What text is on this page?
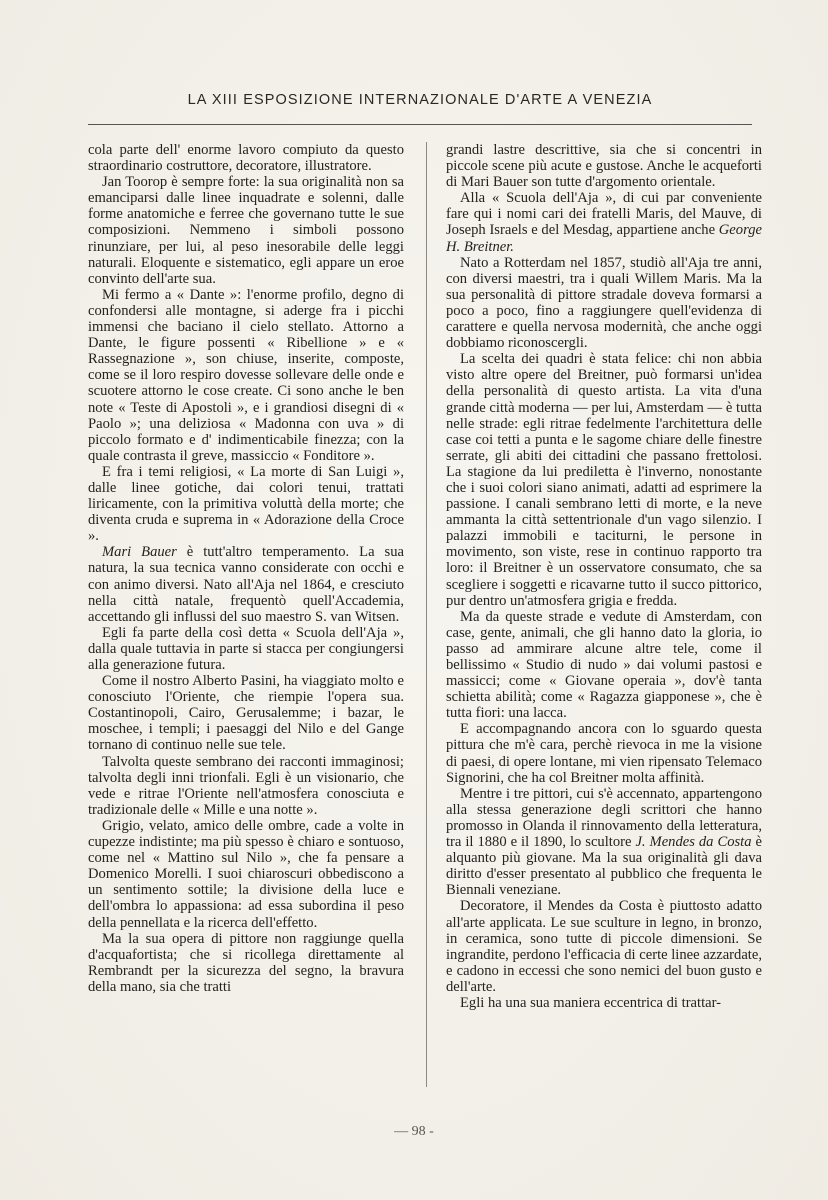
LA XIII ESPOSIZIONE INTERNAZIONALE D'ARTE A VENEZIA

cola parte dell' enorme lavoro compiuto da questo straordinario costruttore, decoratore, illustratore.

Jan Toorop è sempre forte: la sua originalità non sa emanciparsi dalle linee inquadrate e solenni, dalle forme anatomiche e ferree che governano tutte le sue composizioni. Nemmeno i simboli possono rinunziare, per lui, al peso inesorabile delle leggi naturali. Eloquente e sistematico, egli appare un eroe convinto dell'arte sua.

Mi fermo a « Dante »: l'enorme profilo, degno di confondersi alle montagne, si aderge fra i picchi immensi che baciano il cielo stellato. Attorno a Dante, le figure possenti « Ribellione » e « Rassegnazione », son chiuse, inserite, composte, come se il loro respiro dovesse sollevare delle onde e scuotere attorno le cose create. Ci sono anche le ben note « Teste di Apostoli », e i grandiosi disegni di « Paolo »; una deliziosa « Madonna con uva » di piccolo formato e d' indimenticabile finezza; con la quale contrasta il greve, massiccio « Fonditore ».

E fra i temi religiosi, « La morte di San Luigi », dalle linee gotiche, dai colori tenui, trattati liricamente, con la primitiva voluttà della morte; che diventa cruda e suprema in « Adorazione della Croce ».

Mari Bauer è tutt'altro temperamento. La sua natura, la sua tecnica vanno considerate con occhi e con animo diversi. Nato all'Aja nel 1864, e cresciuto nella città natale, frequentò quell'Accademia, accettando gli influssi del suo maestro S. van Witsen.

Egli fa parte della così detta « Scuola dell'Aja », dalla quale tuttavia in parte si stacca per congiungersi alla generazione futura.

Come il nostro Alberto Pasini, ha viaggiato molto e conosciuto l'Oriente, che riempie l'opera sua. Costantinopoli, Cairo, Gerusalemme; i bazar, le moschee, i templi; i paesaggi del Nilo e del Gange tornano di continuo nelle sue tele.

Talvolta queste sembrano dei racconti immaginosi; talvolta degli inni trionfali. Egli è un visionario, che vede e ritrae l'Oriente nell'atmosfera conosciuta e tradizionale delle « Mille e una notte ».

Grigio, velato, amico delle ombre, cade a volte in cupezze indistinte; ma più spesso è chiaro e sontuoso, come nel « Mattino sul Nilo », che fa pensare a Domenico Morelli. I suoi chiaroscuri obbediscono a un sentimento sottile; la divisione della luce e dell'ombra lo appassiona: ad essa subordina il peso della pennellata e la ricerca dell'effetto.

Ma la sua opera di pittore non raggiunge quella d'acquafortista; che si ricollega direttamente al Rembrandt per la sicurezza del segno, la bravura della mano, sia che tratti

grandi lastre descrittive, sia che si concentri in piccole scene più acute e gustose. Anche le acqueforti di Mari Bauer son tutte d'argomento orientale.

Alla « Scuola dell'Aja », di cui par conveniente fare qui i nomi cari dei fratelli Maris, del Mauve, di Joseph Israels e del Mesdag, appartiene anche George H. Breitner.

Nato a Rotterdam nel 1857, studiò all'Aja tre anni, con diversi maestri, tra i quali Willem Maris. Ma la sua personalità di pittore stradale doveva formarsi a poco a poco, fino a raggiungere quell'evidenza di carattere e quella nervosa modernità, che anche oggi dobbiamo riconoscergli.

La scelta dei quadri è stata felice: chi non abbia visto altre opere del Breitner, può formarsi un'idea della personalità di questo artista. La vita d'una grande città moderna — per lui, Amsterdam — è tutta nelle strade: egli ritrae fedelmente l'architettura delle case coi tetti a punta e le sagome chiare delle finestre serrate, gli abiti dei cittadini che passano frettolosi. La stagione da lui prediletta è l'inverno, nonostante che i suoi colori siano animati, adatti ad esprimere la passione. I canali sembrano letti di morte, e la neve ammanta la città settentrionale d'un vago silenzio. I palazzi immobili e taciturni, le persone in movimento, son viste, rese in continuo rapporto tra loro: il Breitner è un osservatore consumato, che sa scegliere i soggetti e ricavarne tutto il succo pittorico, pur dentro un'atmosfera grigia e fredda.

Ma da queste strade e vedute di Amsterdam, con case, gente, animali, che gli hanno dato la gloria, io passo ad ammirare alcune altre tele, come il bellissimo « Studio di nudo » dai volumi pastosi e massicci; come « Giovane operaia », dov'è tanta schietta abilità; come « Ragazza giapponese », che è tutta fiori: una lacca.

E accompagnando ancora con lo sguardo questa pittura che m'è cara, perchè rievoca in me la visione di paesi, di opere lontane, mi vien ripensato Telemaco Signorini, che ha col Breitner molta affinità.

Mentre i tre pittori, cui s'è accennato, appartengono alla stessa generazione degli scrittori che hanno promosso in Olanda il rinnovamento della letteratura, tra il 1880 e il 1890, lo scultore J. Mendes da Costa è alquanto più giovane. Ma la sua originalità gli dava diritto d'esser presentato al pubblico che frequenta le Biennali veneziane.

Decoratore, il Mendes da Costa è piuttosto adatto all'arte applicata. Le sue sculture in legno, in bronzo, in ceramica, sono tutte di piccole dimensioni. Se ingrandite, perdono l'efficacia di certe linee azzardate, e cadono in eccessi che sono nemici del buon gusto e dell'arte.

Egli ha una sua maniera eccentrica di trattar-

— 98 -
